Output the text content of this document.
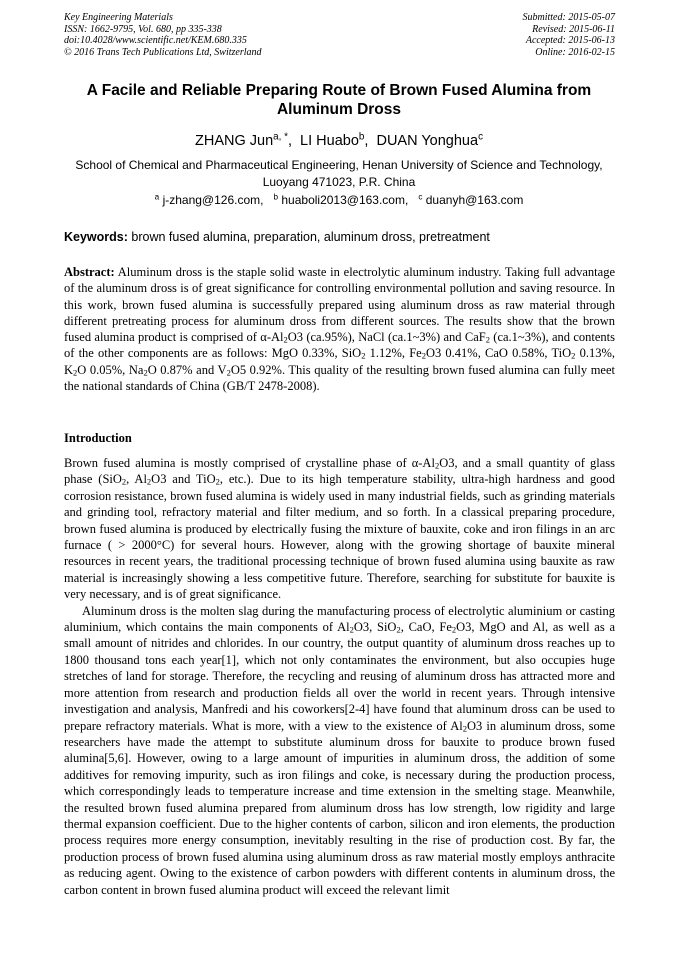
Key Engineering Materials
ISSN: 1662-9795, Vol. 680, pp 335-338
doi:10.4028/www.scientific.net/KEM.680.335
© 2016 Trans Tech Publications Ltd, Switzerland
Submitted: 2015-05-07
Revised: 2015-06-11
Accepted: 2015-06-13
Online: 2016-02-15
A Facile and Reliable Preparing Route of Brown Fused Alumina from
Aluminum Dross
ZHANG Jun$^{a, *}$,  LI Huabo$^b$,  DUAN Yonghua$^c$
School of Chemical and Pharmaceutical Engineering, Henan University of Science and Technology, Luoyang 471023, P.R. China
$^a$ j-zhang@126.com,   $^b$ huaboli2013@163.com,   $^c$ duanyh@163.com
Keywords: brown fused alumina, preparation, aluminum dross, pretreatment
Abstract: Aluminum dross is the staple solid waste in electrolytic aluminum industry. Taking full advantage of the aluminum dross is of great significance for controlling environmental pollution and saving resource. In this work, brown fused alumina is successfully prepared using aluminum dross as raw material through different pretreating process for aluminum dross from different sources. The results show that the brown fused alumina product is comprised of $\alpha-Al_2O3$ (ca.95%), NaCl (ca.1~3%) and CaF$_2$ (ca.1~3%), and contents of the other components are as follows: MgO 0.33%, SiO$_2$ 1.12%, $Fe_2O3$ 0.41%, CaO 0.58%, TiO$_2$ 0.13%, $K_2O$ 0.05%, $Na_2O$ 0.87% and $V_2O5$ 0.92%. This quality of the resulting brown fused alumina can fully meet the national standards of China (GB/T 2478-2008).
Introduction

Brown fused alumina is mostly comprised of crystalline phase of $\alpha-Al_2O3$, and a small quantity of glass phase (SiO$_2$, $Al_2O3$ and TiO$_2$, etc.). Due to its high temperature stability, ultra-high hardness and good corrosion resistance, brown fused alumina is widely used in many industrial fields, such as grinding materials and grinding tool, refractory material and filter medium, and so forth. In a classical preparing procedure, brown fused alumina is produced by electrically fusing the mixture of bauxite, coke and iron filings in an arc furnace ( > 2000°C) for several hours. However, along with the growing shortage of bauxite mineral resources in recent years, the traditional processing technique of brown fused alumina using bauxite as raw material is increasingly showing a less competitive future. Therefore, searching for substitute for bauxite is very necessary, and is of great significance.

Aluminum dross is the molten slag during the manufacturing process of electrolytic aluminium or casting aluminium, which contains the main components of $Al_2O3$, SiO$_2$, CaO, $Fe_2O3$, MgO and Al, as well as a small amount of nitrides and chlorides. In our country, the output quantity of aluminum dross reaches up to 1800 thousand tons each year[1], which not only contaminates the environment, but also occupies huge stretches of land for storage. Therefore, the recycling and reusing of aluminum dross has attracted more and more attention from research and production fields all over the world in recent years. Through intensive investigation and analysis, Manfredi and his coworkers[2-4] have found that aluminum dross can be used to prepare refractory materials. What is more, with a view to the existence of $Al_2O3$ in aluminum dross, some researchers have made the attempt to substitute aluminum dross for bauxite to produce brown fused alumina[5,6]. However, owing to a large amount of impurities in aluminum dross, the addition of some additives for removing impurity, such as iron filings and coke, is necessary during the production process, which correspondingly leads to temperature increase and time extension in the smelting stage. Meanwhile, the resulted brown fused alumina prepared from aluminum dross has low strength, low rigidity and large thermal expansion coefficient. Due to the higher contents of carbon, silicon and iron elements, the production process requires more energy consumption, inevitably resulting in the rise of production cost. By far, the production process of brown fused alumina using aluminum dross as raw material mostly employs anthracite as reducing agent. Owing to the existence of carbon powders with different contents in aluminum dross, the carbon content in brown fused alumina product will exceed the relevant limit
